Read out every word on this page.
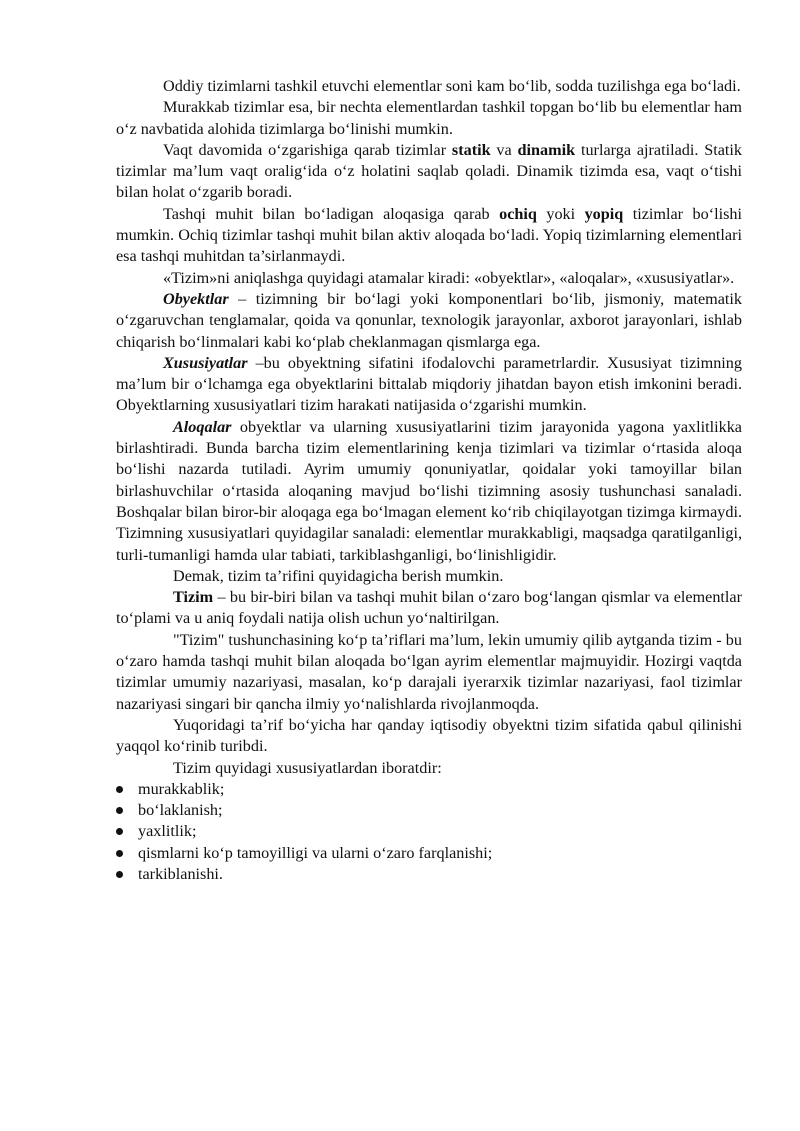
Oddiy tizimlarni tashkil etuvchi elementlar soni kam bo‘lib, sodda tuzilishga ega bo‘ladi.

Murakkab tizimlar esa, bir nechta elementlardan tashkil topgan bo‘lib bu elementlar ham o‘z navbatida alohida tizimlarga bo‘linishi mumkin.

Vaqt davomida o‘zgarishiga qarab tizimlar statik va dinamik turlarga ajratiladi. Statik tizimlar ma’lum vaqt oralig‘ida o‘z holatini saqlab qoladi. Dinamik tizimda esa, vaqt o‘tishi bilan holat o‘zgarib boradi.

Tashqi muhit bilan bo‘ladigan aloqasiga qarab ochiq yoki yopiq tizimlar bo‘lishi mumkin. Ochiq tizimlar tashqi muhit bilan aktiv aloqada bo‘ladi. Yopiq tizimlarning elementlari esa tashqi muhitdan ta’sirlanmaydi.

«Tizim»ni aniqlashga quyidagi atamalar kiradi: «obyektlar», «aloqalar», «xususiyatlar».

Obyektlar – tizimning bir bo‘lagi yoki komponentlari bo‘lib, jismoniy, matematik o‘zgaruvchan tenglamalar, qoida va qonunlar, texnologik jarayonlar, axborot jarayonlari, ishlab chiqarish bo‘linmalari kabi ko‘plab cheklanmagan qismlarga ega.

Xususiyatlar –bu obyektning sifatini ifodalovchi parametrlardir. Xususiyat tizimning ma’lum bir o‘lchamga ega obyektlarini bittalab miqdoriy jihatdan bayon etish imkonini beradi. Obyektlarning xususiyatlari tizim harakati natijasida o‘zgarishi mumkin.

Aloqalar obyektlar va ularning xususiyatlarini tizim jarayonida yagona yaxlitlikka birlashtiradi. Bunda barcha tizim elementlarining kenja tizimlari va tizimlar o‘rtasida aloqa bo‘lishi nazarda tutiladi. Ayrim umumiy qonuniyatlar, qoidalar yoki tamoyillar bilan birlashuvchilar o‘rtasida aloqaning mavjud bo‘lishi tizimning asosiy tushunchasi sanaladi. Boshqalar bilan biror-bir aloqaga ega bo‘lmagan element ko‘rib chiqilayotgan tizimga kirmaydi. Tizimning xususiyatlari quyidagilar sanaladi: elementlar murakkabligi, maqsadga qaratilganligi, turli-tumanligi hamda ular tabiati, tarkiblashganligi, bo‘linishligidir.

Demak, tizim ta’rifini quyidagicha berish mumkin.

Tizim – bu bir-biri bilan va tashqi muhit bilan o‘zaro bog‘langan qismlar va elementlar to‘plami va u aniq foydali natija olish uchun yo‘naltirilgan.

"Tizim" tushunchasining ko‘p ta’riflari ma’lum, lekin umumiy qilib aytganda tizim - bu o‘zaro hamda tashqi muhit bilan aloqada bo‘lgan ayrim elementlar majmuyidir. Hozirgi vaqtda tizimlar umumiy nazariyasi, masalan, ko‘p darajali iyerarxik tizimlar nazariyasi, faol tizimlar nazariyasi singari bir qancha ilmiy yo‘nalishlarda rivojlanmoqda.

Yuqoridagi ta’rif bo‘yicha har qanday iqtisodiy obyektni tizim sifatida qabul qilinishi yaqqol ko‘rinib turibdi.

Tizim quyidagi xususiyatlardan iboratdir:

murakkablik;
bo‘laklanish;
yaxlitlik;
qismlarni ko‘p tamoyilligi va ularni o‘zaro farqlanishi;
tarkiblanishi.
